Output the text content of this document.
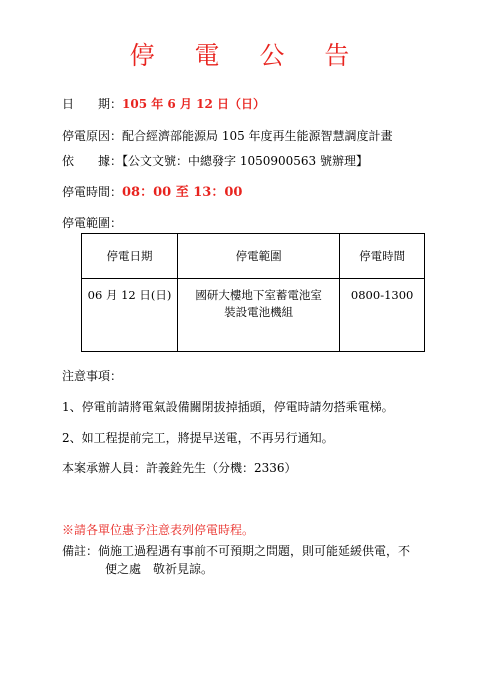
停 電 公 告
日　　期：105 年 6 月 12 日（日）
停電原因：配合經濟部能源局 105 年度再生能源智慧調度計畫
依　　據：【公文文號：中總發字 1050900563 號辦理】
停電時間：08：00 至 13：00
停電範圍：
停電日期	停電範圍	停電時間
06 月 12 日(日)	國研大樓地下室蓄電池室裝設電池機組	0800-1300
注意事項：
1、停電前請將電氣設備關閉拔掉插頭，停電時請勿搭乘電梯。
2、如工程提前完工，將提早送電，不再另行通知。
本案承辦人員：許義銓先生（分機：2336）
※請各單位惠予注意表列停電時程。
備註：倘施工過程遇有事前不可預期之問題，則可能延緩供電，不
便之處　敬祈見諒。
